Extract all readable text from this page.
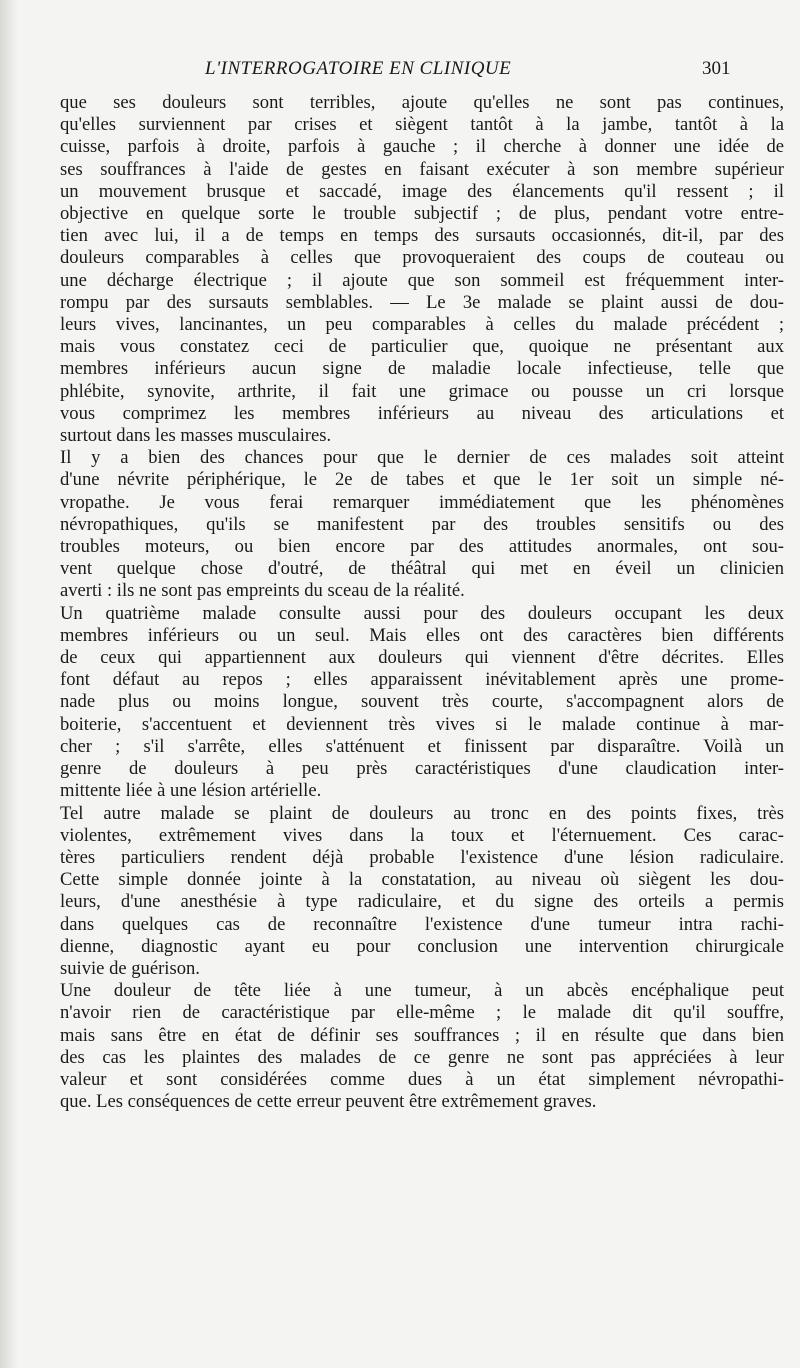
L'INTERROGATOIRE EN CLINIQUE	301

que ses douleurs sont terribles, ajoute qu'elles ne sont pas continues,
qu'elles surviennent par crises et siègent tantôt à la jambe, tantôt à la
cuisse, parfois à droite, parfois à gauche ; il cherche à donner une idée de
ses souffrances à l'aide de gestes en faisant exécuter à son membre supérieur
un mouvement brusque et saccadé, image des élancements qu'il ressent ; il
objective en quelque sorte le trouble subjectif ; de plus, pendant votre entre-
tien avec lui, il a de temps en temps des sursauts occasionnés, dit-il, par des
douleurs comparables à celles que provoqueraient des coups de couteau ou
une décharge électrique ; il ajoute que son sommeil est fréquemment inter-
rompu par des sursauts semblables. — Le 3e malade se plaint aussi de dou-
leurs vives, lancinantes, un peu comparables à celles du malade précédent ;
mais vous constatez ceci de particulier que, quoique ne présentant aux
membres inférieurs aucun signe de maladie locale infectieuse, telle que
phlébite, synovite, arthrite, il fait une grimace ou pousse un cri lorsque
vous comprimez les membres inférieurs au niveau des articulations et
surtout dans les masses musculaires.

Il y a bien des chances pour que le dernier de ces malades soit atteint
d'une névrite périphérique, le 2e de tabes et que le 1er soit un simple né-
vropathe. Je vous ferai remarquer immédiatement que les phénomènes
névropathiques, qu'ils se manifestent par des troubles sensitifs ou des
troubles moteurs, ou bien encore par des attitudes anormales, ont sou-
vent quelque chose d'outré, de théâtral qui met en éveil un clinicien
averti : ils ne sont pas empreints du sceau de la réalité.

Un quatrième malade consulte aussi pour des douleurs occupant les deux
membres inférieurs ou un seul. Mais elles ont des caractères bien différents
de ceux qui appartiennent aux douleurs qui viennent d'être décrites. Elles
font défaut au repos ; elles apparaissent inévitablement après une prome-
nade plus ou moins longue, souvent très courte, s'accompagnent alors de
boiterie, s'accentuent et deviennent très vives si le malade continue à mar-
cher ; s'il s'arrête, elles s'atténuent et finissent par disparaître. Voilà un
genre de douleurs à peu près caractéristiques d'une claudication inter-
mittente liée à une lésion artérielle.

Tel autre malade se plaint de douleurs au tronc en des points fixes, très
violentes, extrêmement vives dans la toux et l'éternuement. Ces carac-
tères particuliers rendent déjà probable l'existence d'une lésion radiculaire.
Cette simple donnée jointe à la constatation, au niveau où siègent les dou-
leurs, d'une anesthésie à type radiculaire, et du signe des orteils a permis
dans quelques cas de reconnaître l'existence d'une tumeur intra rachi-
dienne, diagnostic ayant eu pour conclusion une intervention chirurgicale
suivie de guérison.

Une douleur de tête liée à une tumeur, à un abcès encéphalique peut
n'avoir rien de caractéristique par elle-même ; le malade dit qu'il souffre,
mais sans être en état de définir ses souffrances ; il en résulte que dans bien
des cas les plaintes des malades de ce genre ne sont pas appréciées à leur
valeur et sont considérées comme dues à un état simplement névropathi-
que. Les conséquences de cette erreur peuvent être extrêmement graves.
